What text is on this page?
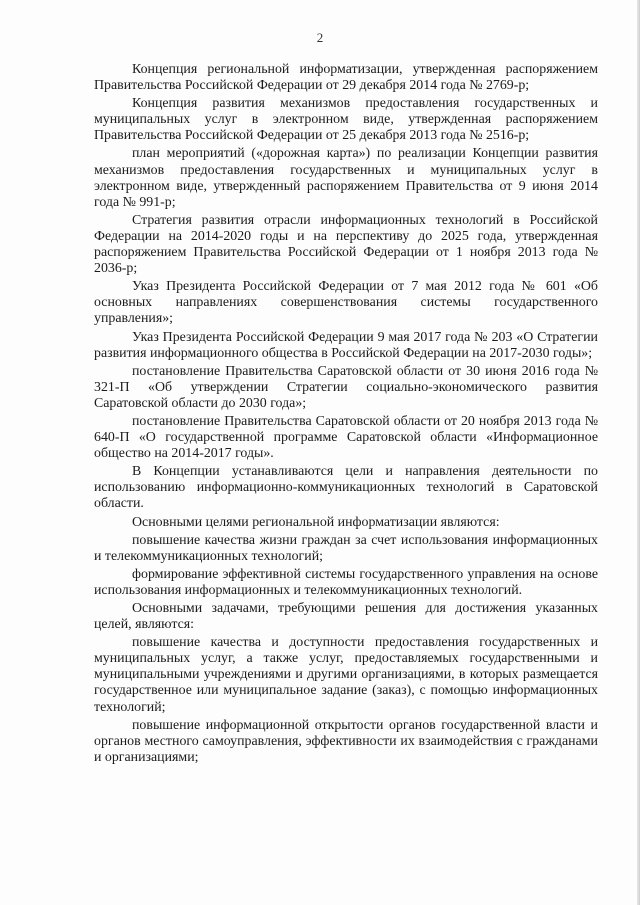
2

Концепция региональной информатизации, утвержденная распоряжением Правительства Российской Федерации от 29 декабря 2014 года № 2769-р;

Концепция развития механизмов предоставления государственных и муниципальных услуг в электронном виде, утвержденная распоряжением Правительства Российской Федерации от 25 декабря 2013 года № 2516-р;

план мероприятий («дорожная карта») по реализации Концепции развития механизмов предоставления государственных и муниципальных услуг в электронном виде, утвержденный распоряжением Правительства от 9 июня 2014 года № 991-р;

Стратегия развития отрасли информационных технологий в Российской Федерации на 2014-2020 годы и на перспективу до 2025 года, утвержденная распоряжением Правительства Российской Федерации от 1 ноября 2013 года № 2036-р;

Указ Президента Российской Федерации от 7 мая 2012 года № 601 «Об основных направлениях совершенствования системы государственного управления»;

Указ Президента Российской Федерации 9 мая 2017 года № 203 «О Стратегии развития информационного общества в Российской Федерации на 2017-2030 годы»;

постановление Правительства Саратовской области от 30 июня 2016 года № 321-П «Об утверждении Стратегии социально-экономического развития Саратовской области до 2030 года»;

постановление Правительства Саратовской области от 20 ноября 2013 года № 640-П «О государственной программе Саратовской области «Информационное общество на 2014-2017 годы».

В Концепции устанавливаются цели и направления деятельности по использованию информационно-коммуникационных технологий в Саратовской области.

Основными целями региональной информатизации являются:

повышение качества жизни граждан за счет использования информационных и телекоммуникационных технологий;

формирование эффективной системы государственного управления на основе использования информационных и телекоммуникационных технологий.

Основными задачами, требующими решения для достижения указанных целей, являются:

повышение качества и доступности предоставления государственных и муниципальных услуг, а также услуг, предоставляемых государственными и муниципальными учреждениями и другими организациями, в которых размещается государственное или муниципальное задание (заказ), с помощью информационных технологий;

повышение информационной открытости органов государственной власти и органов местного самоуправления, эффективности их взаимодействия с гражданами и организациями;
